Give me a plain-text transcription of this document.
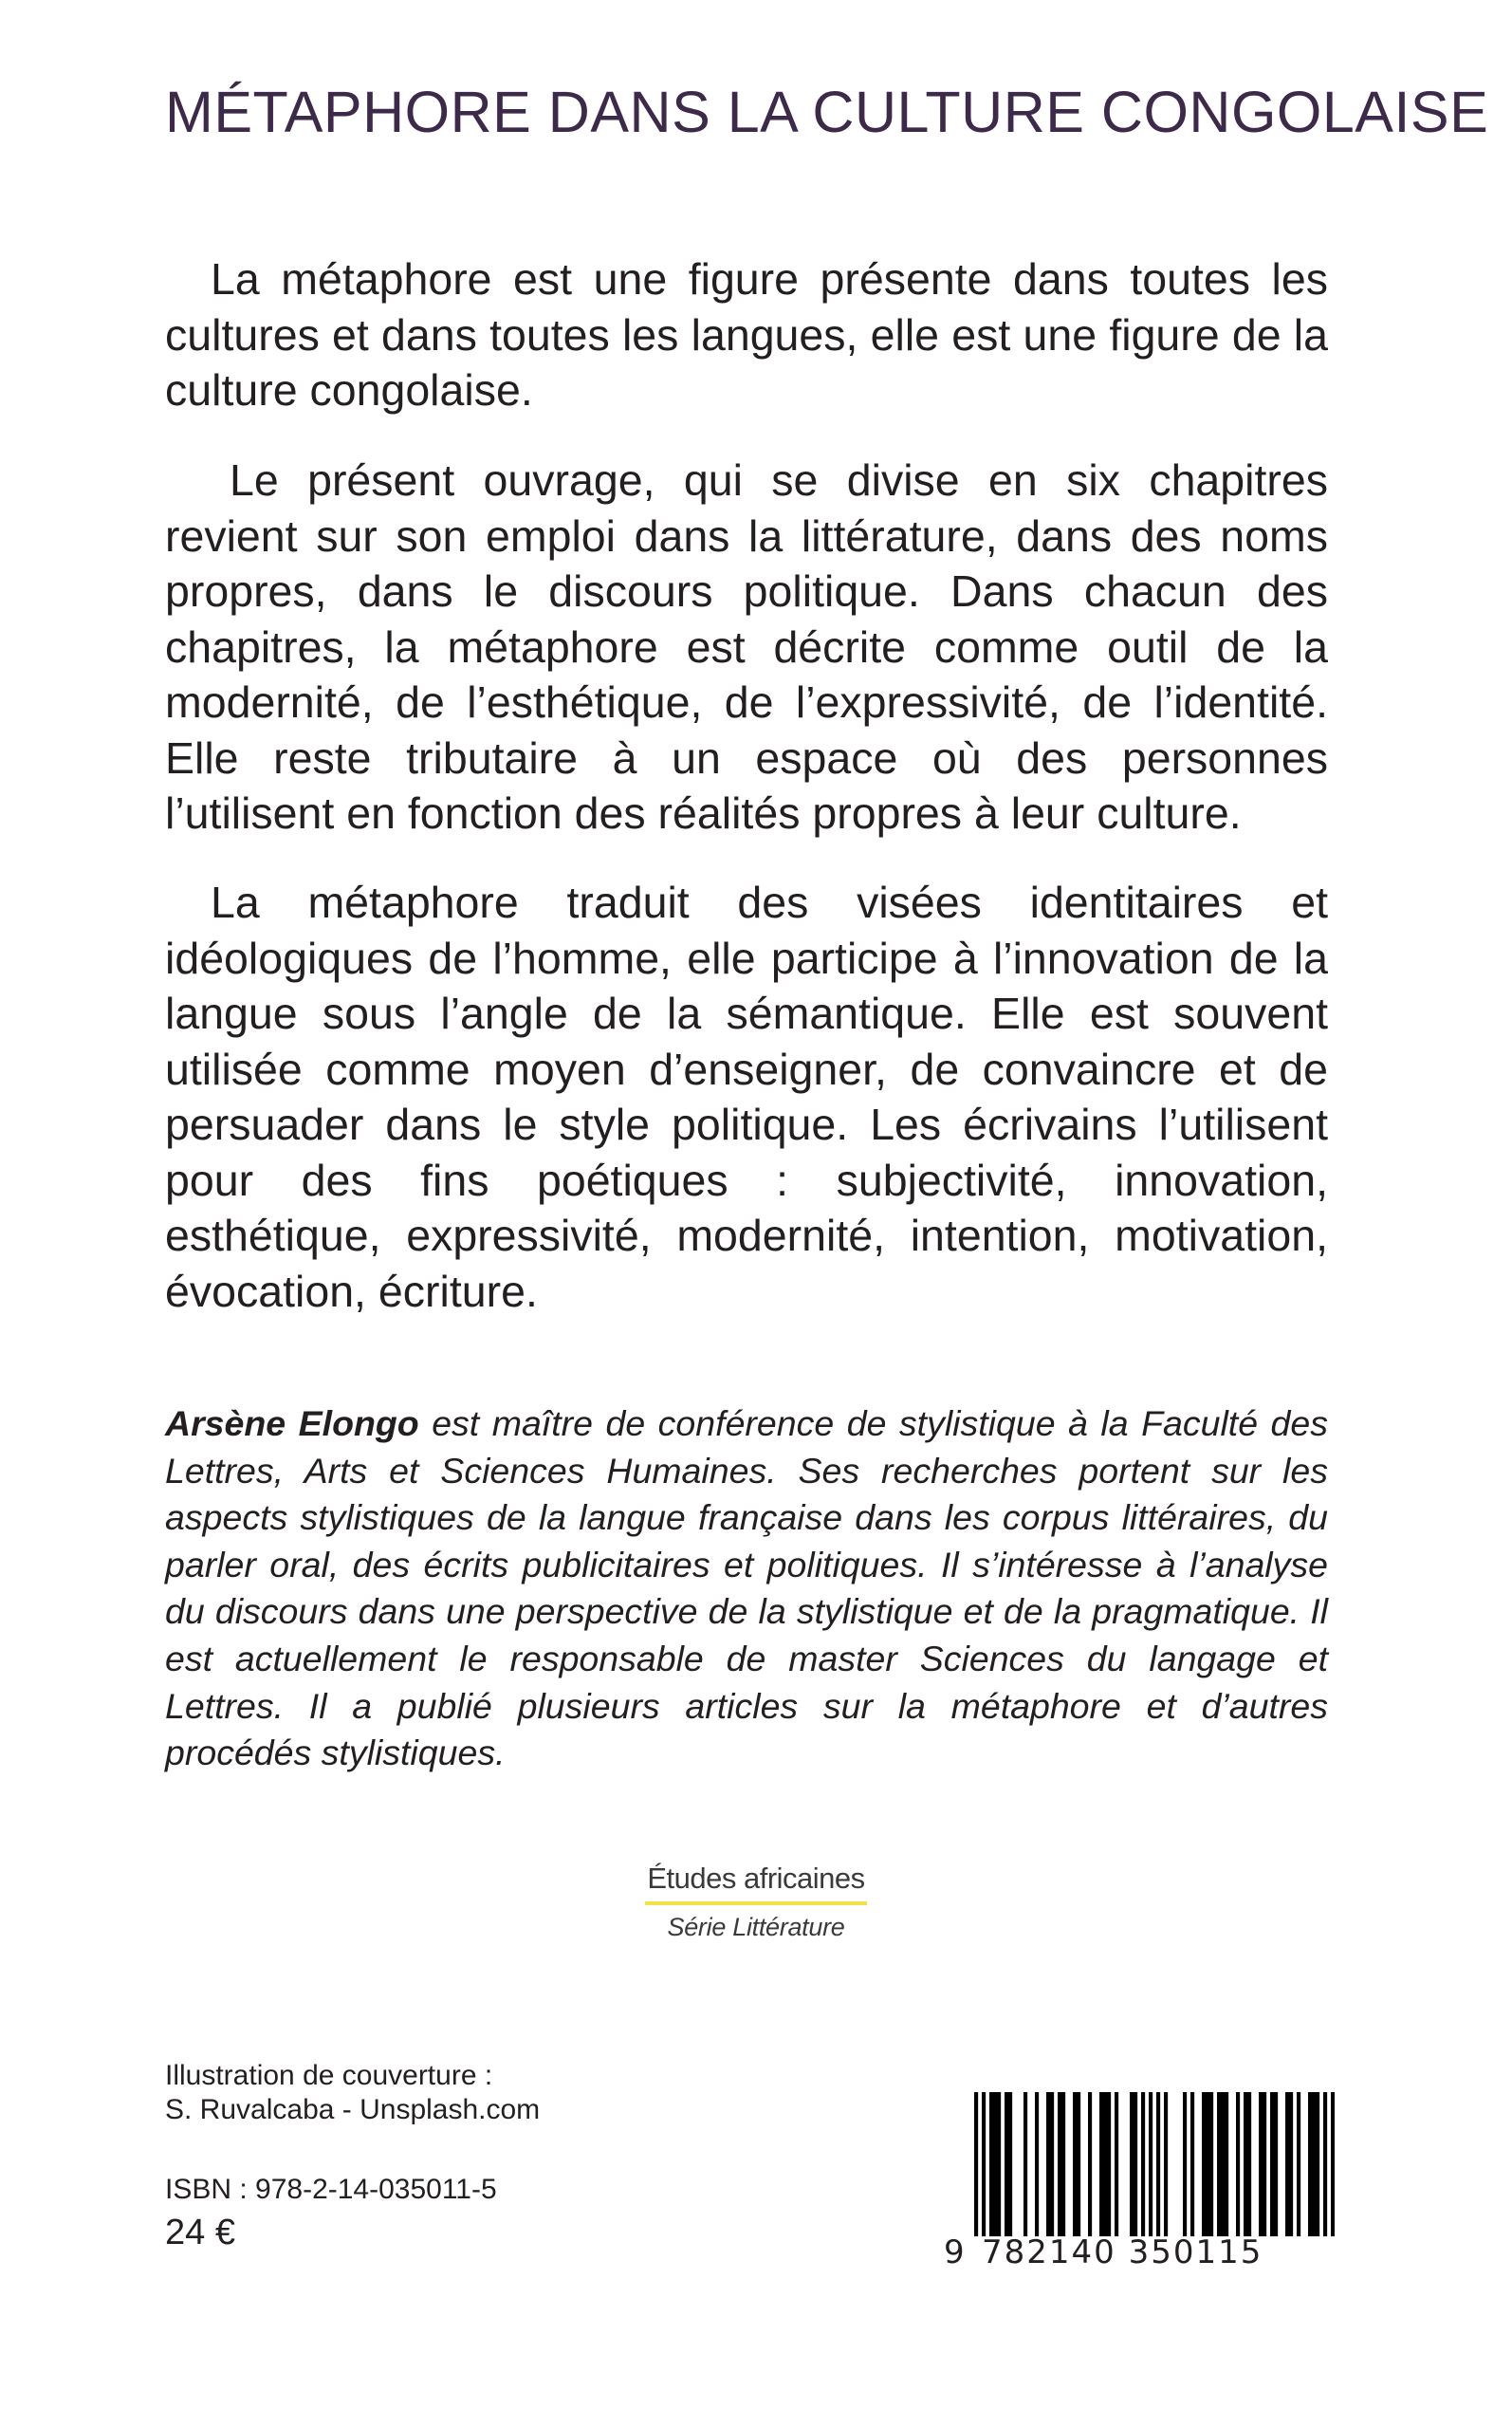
MÉTAPHORE DANS LA CULTURE CONGOLAISE

La métaphore est une figure présente dans toutes les cultures et dans toutes les langues, elle est une figure de la culture congolaise.

Le présent ouvrage, qui se divise en six chapitres revient sur son emploi dans la littérature, dans des noms propres, dans le discours politique. Dans chacun des chapitres, la métaphore est décrite comme outil de la modernité, de l’esthétique, de l’expressivité, de l’identité. Elle reste tributaire à un espace où des personnes l’utilisent en fonction des réalités propres à leur culture.

La métaphore traduit des visées identitaires et idéologiques de l’homme, elle participe à l’innovation de la langue sous l’angle de la sémantique. Elle est souvent utilisée comme moyen d’enseigner, de convaincre et de persuader dans le style politique. Les écrivains l’utilisent pour des fins poétiques : subjectivité, innovation, esthétique, expressivité, modernité, intention, motivation, évocation, écriture.

Arsène Elongo est maître de conférence de stylistique à la Faculté des Lettres, Arts et Sciences Humaines. Ses recherches portent sur les aspects stylistiques de la langue française dans les corpus littéraires, du parler oral, des écrits publicitaires et politiques. Il s’intéresse à l’analyse du discours dans une perspective de la stylistique et de la pragmatique. Il est actuellement le responsable de master Sciences du langage et Lettres. Il a publié plusieurs articles sur la métaphore et d’autres procédés stylistiques.

Études africaines
Série Littérature
Illustration de couverture :
S. Ruvalcaba - Unsplash.com
ISBN : 978-2-14-035011-5
24 €	9 782140 350115
